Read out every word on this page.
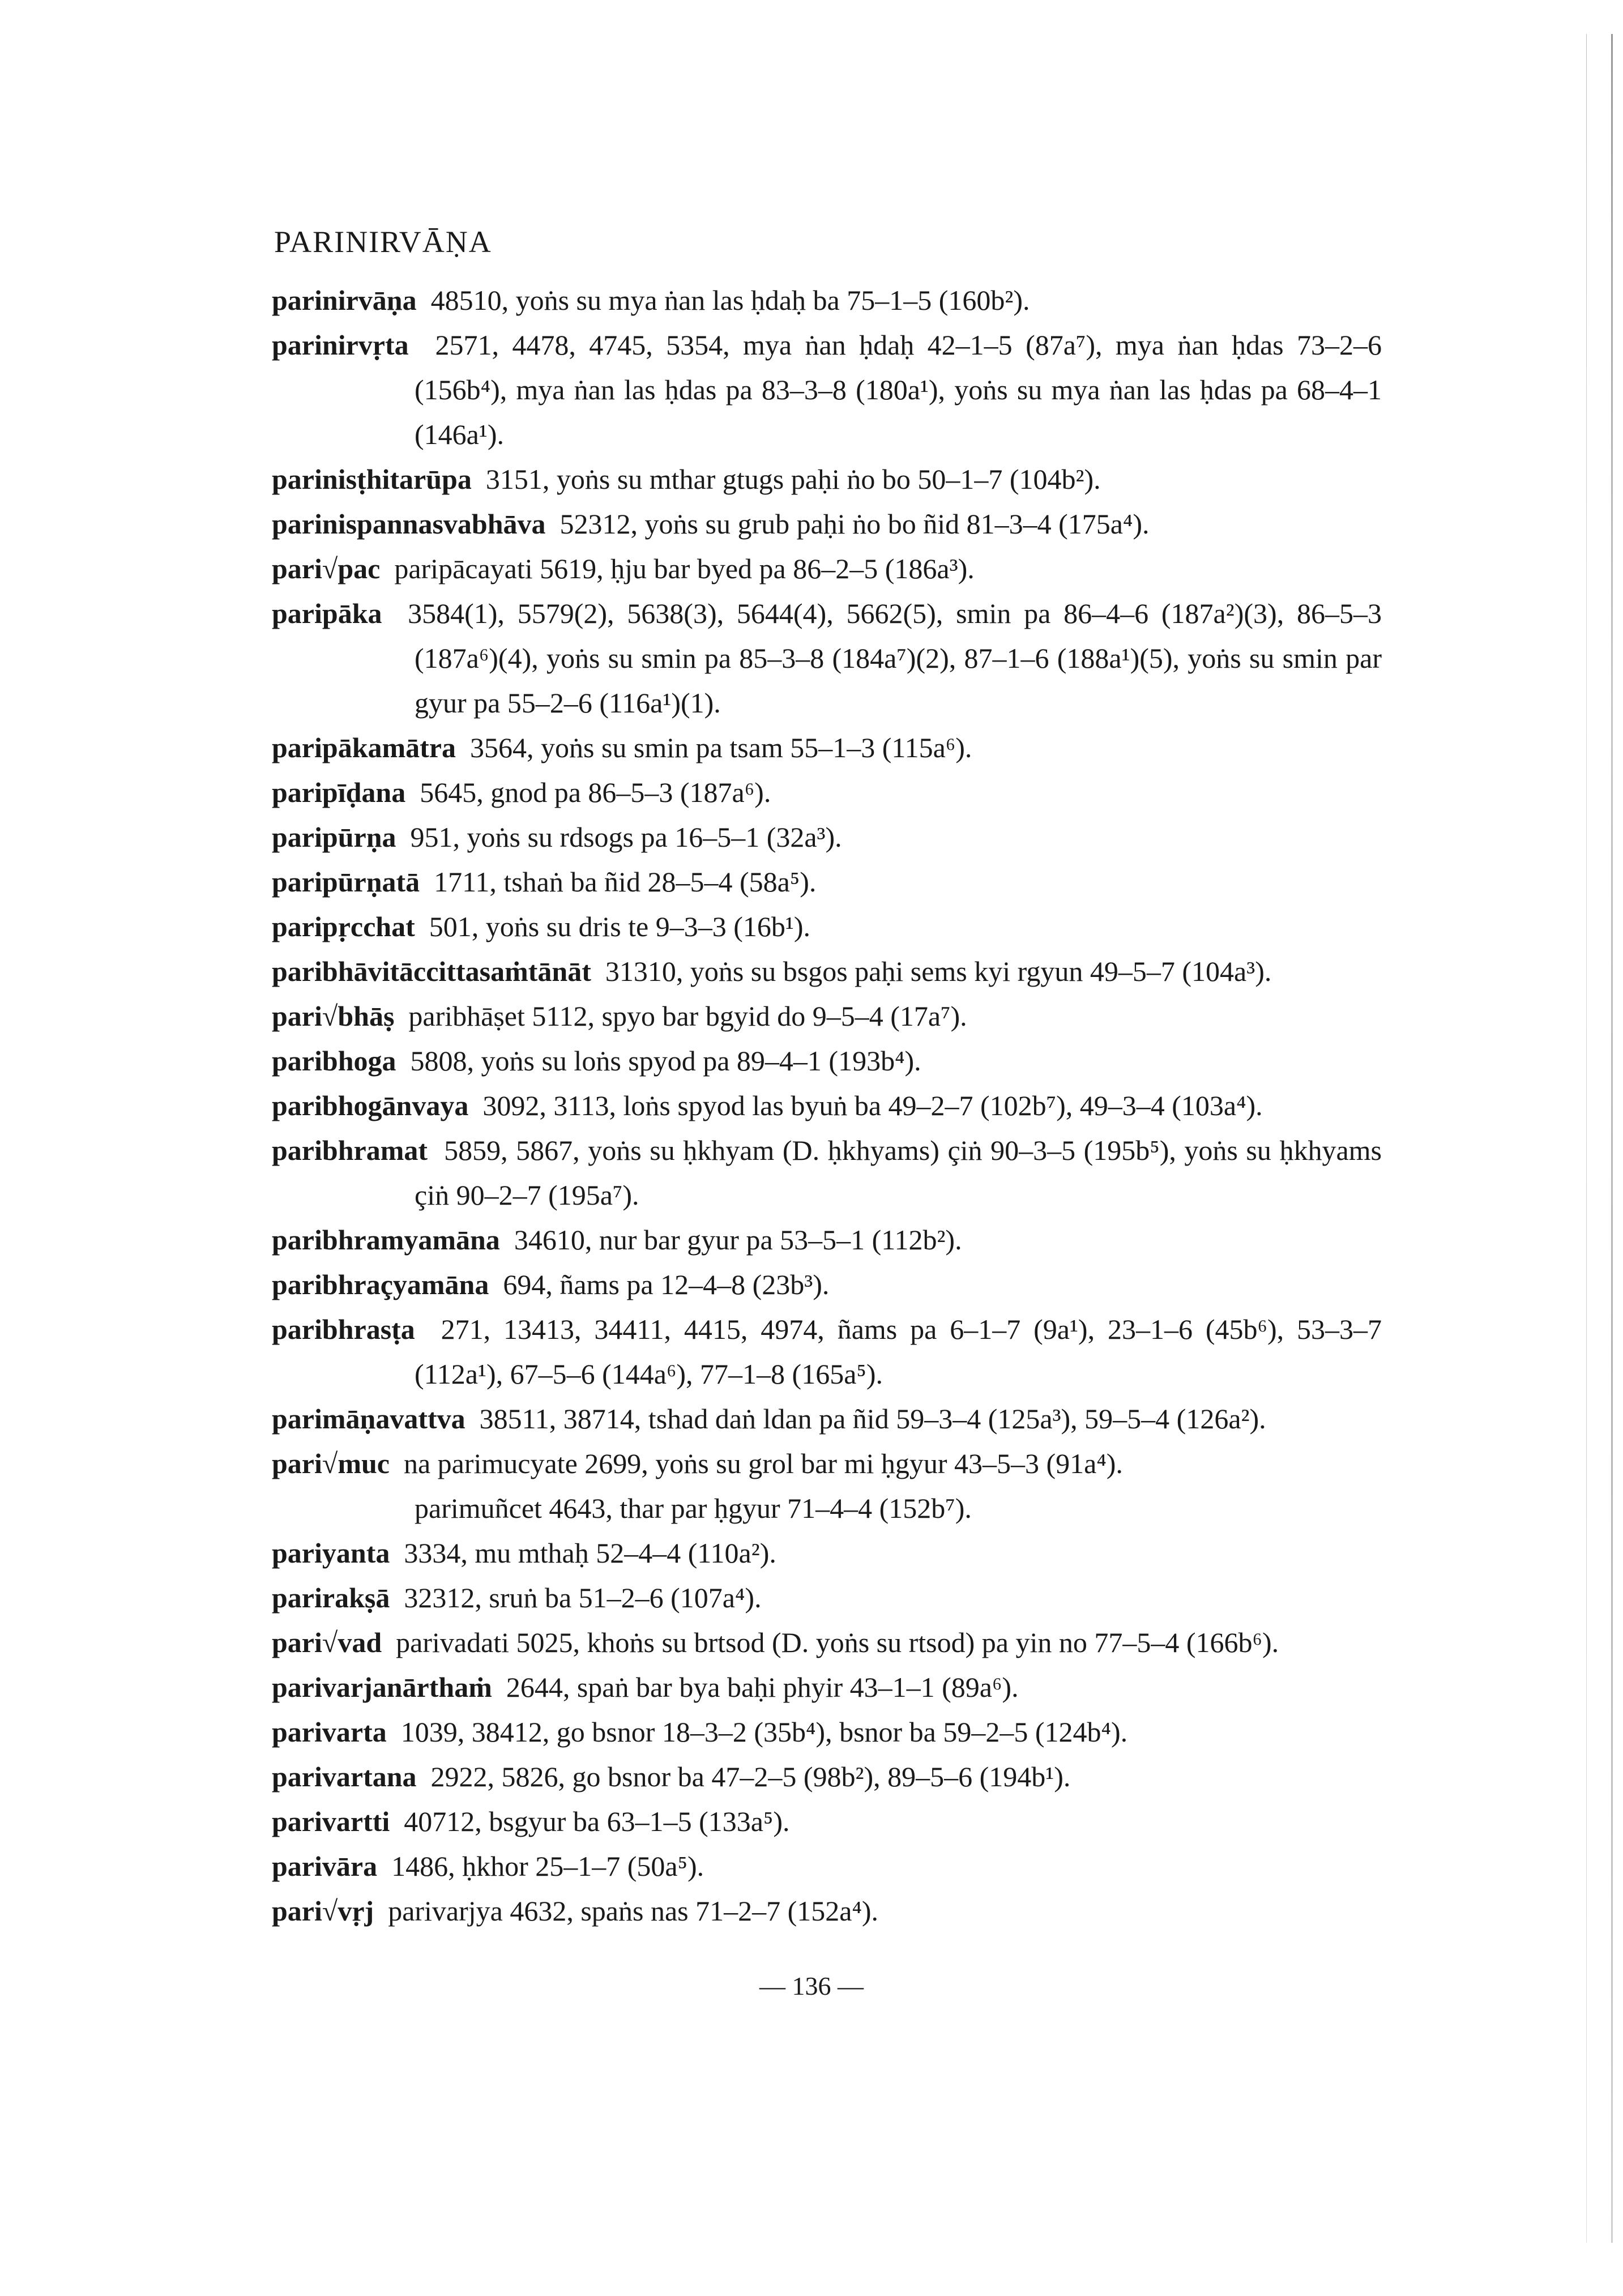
PARINIRVĀṆA

parinirvāṇa 48510, yoṅs su mya ṅan las ḥdaḥ ba 75–1–5 (160b²).

parinirvṛta 2571, 4478, 4745, 5354, mya ṅan ḥdaḥ 42–1–5 (87a⁷), mya ṅan ḥdas 73–2–6 (156b⁴), mya ṅan las ḥdas pa 83–3–8 (180a¹), yoṅs su mya ṅan las ḥdas pa 68–4–1 (146a¹).

parinisṭhitarūpa 3151, yoṅs su mthar gtugs paḥi ṅo bo 50–1–7 (104b²).

parinispannasvabhāva 52312, yoṅs su grub paḥi ṅo bo ñid 81–3–4 (175a⁴).

pari√pac paripācayati 5619, ḥju bar byed pa 86–2–5 (186a³).

paripāka 3584(1), 5579(2), 5638(3), 5644(4), 5662(5), smin pa 86–4–6 (187a²)(3), 86–5–3 (187a⁶)(4), yoṅs su smin pa 85–3–8 (184a⁷)(2), 87–1–6 (188a¹)(5), yoṅs su smin par gyur pa 55–2–6 (116a¹)(1).

paripākamātra 3564, yoṅs su smin pa tsam 55–1–3 (115a⁶).

paripīḍana 5645, gnod pa 86–5–3 (187a⁶).

paripūrṇa 951, yoṅs su rdsogs pa 16–5–1 (32a³).

paripūrṇatā 1711, tshaṅ ba ñid 28–5–4 (58a⁵).

paripṛcchat 501, yoṅs su dris te 9–3–3 (16b¹).

paribhāvitāccittasaṁtānāt 31310, yoṅs su bsgos paḥi sems kyi rgyun 49–5–7 (104a³).

pari√bhāṣ paribhāṣet 5112, spyo bar bgyid do 9–5–4 (17a⁷).

paribhoga 5808, yoṅs su loṅs spyod pa 89–4–1 (193b⁴).

paribhogānvaya 3092, 3113, loṅs spyod las byuṅ ba 49–2–7 (102b⁷), 49–3–4 (103a⁴).

paribhramat 5859, 5867, yoṅs su ḥkhyam (D. ḥkhyams) çiṅ 90–3–5 (195b⁵), yoṅs su ḥkhyams çiṅ 90–2–7 (195a⁷).

paribhramyamāna 34610, nur bar gyur pa 53–5–1 (112b²).

paribhraçyamāna 694, ñams pa 12–4–8 (23b³).

paribhrasṭa 271, 13413, 34411, 4415, 4974, ñams pa 6–1–7 (9a¹), 23–1–6 (45b⁶), 53–3–7 (112a¹), 67–5–6 (144a⁶), 77–1–8 (165a⁵).

parimāṇavattva 38511, 38714, tshad daṅ ldan pa ñid 59–3–4 (125a³), 59–5–4 (126a²).

pari√muc na parimucyate 2699, yoṅs su grol bar mi ḥgyur 43–5–3 (91a⁴).

parimuñcet 4643, thar par ḥgyur 71–4–4 (152b⁷).

pariyanta 3334, mu mthaḥ 52–4–4 (110a²).

parirakṣā 32312, sruṅ ba 51–2–6 (107a⁴).

pari√vad parivadati 5025, khoṅs su brtsod (D. yoṅs su rtsod) pa yin no 77–5–4 (166b⁶).

parivarjanārthaṁ 2644, spaṅ bar bya baḥi phyir 43–1–1 (89a⁶).

parivarta 1039, 38412, go bsnor 18–3–2 (35b⁴), bsnor ba 59–2–5 (124b⁴).

parivartana 2922, 5826, go bsnor ba 47–2–5 (98b²), 89–5–6 (194b¹).

parivartti 40712, bsgyur ba 63–1–5 (133a⁵).

parivāra 1486, ḥkhor 25–1–7 (50a⁵).

pari√vṛj parivarjya 4632, spaṅs nas 71–2–7 (152a⁴).

— 136 —
